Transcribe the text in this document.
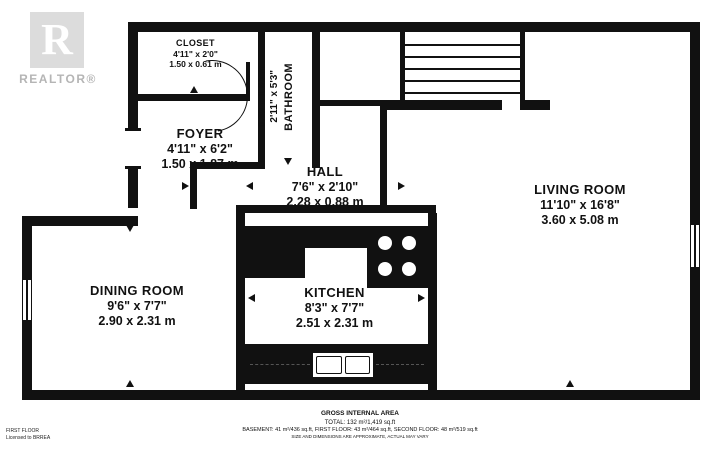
R
REALTOR®
CLOSET
4'11" x 2'0"
1.50 x 0.61 m	BATHROOM
2'11" x 5'3"
0.89 x 1.60 m
FOYER
4'11" x 6'2"
1.50 x 1.87 m	HALL
7'6" x 2'10"
2.28 x 0.88 m
LIVING ROOM
11'10" x 16'8"
3.60 x 5.08 m
DINING ROOM
9'6" x 7'7"
2.90 x 2.31 m
KITCHEN
8'3" x 7'7"
2.51 x 2.31 m
GROSS INTERNAL AREA
TOTAL: 132 m²/1,419 sq.ft
BASEMENT: 41 m²/436 sq.ft, FIRST FLOOR: 43 m²/464 sq.ft, SECOND FLOOR: 48 m²/519 sq.ft
SIZE AND DIMENSIONS ARE APPROXIMATE, ACTUAL MAY VARY
FIRST FLOOR
Licensed to BRREA
